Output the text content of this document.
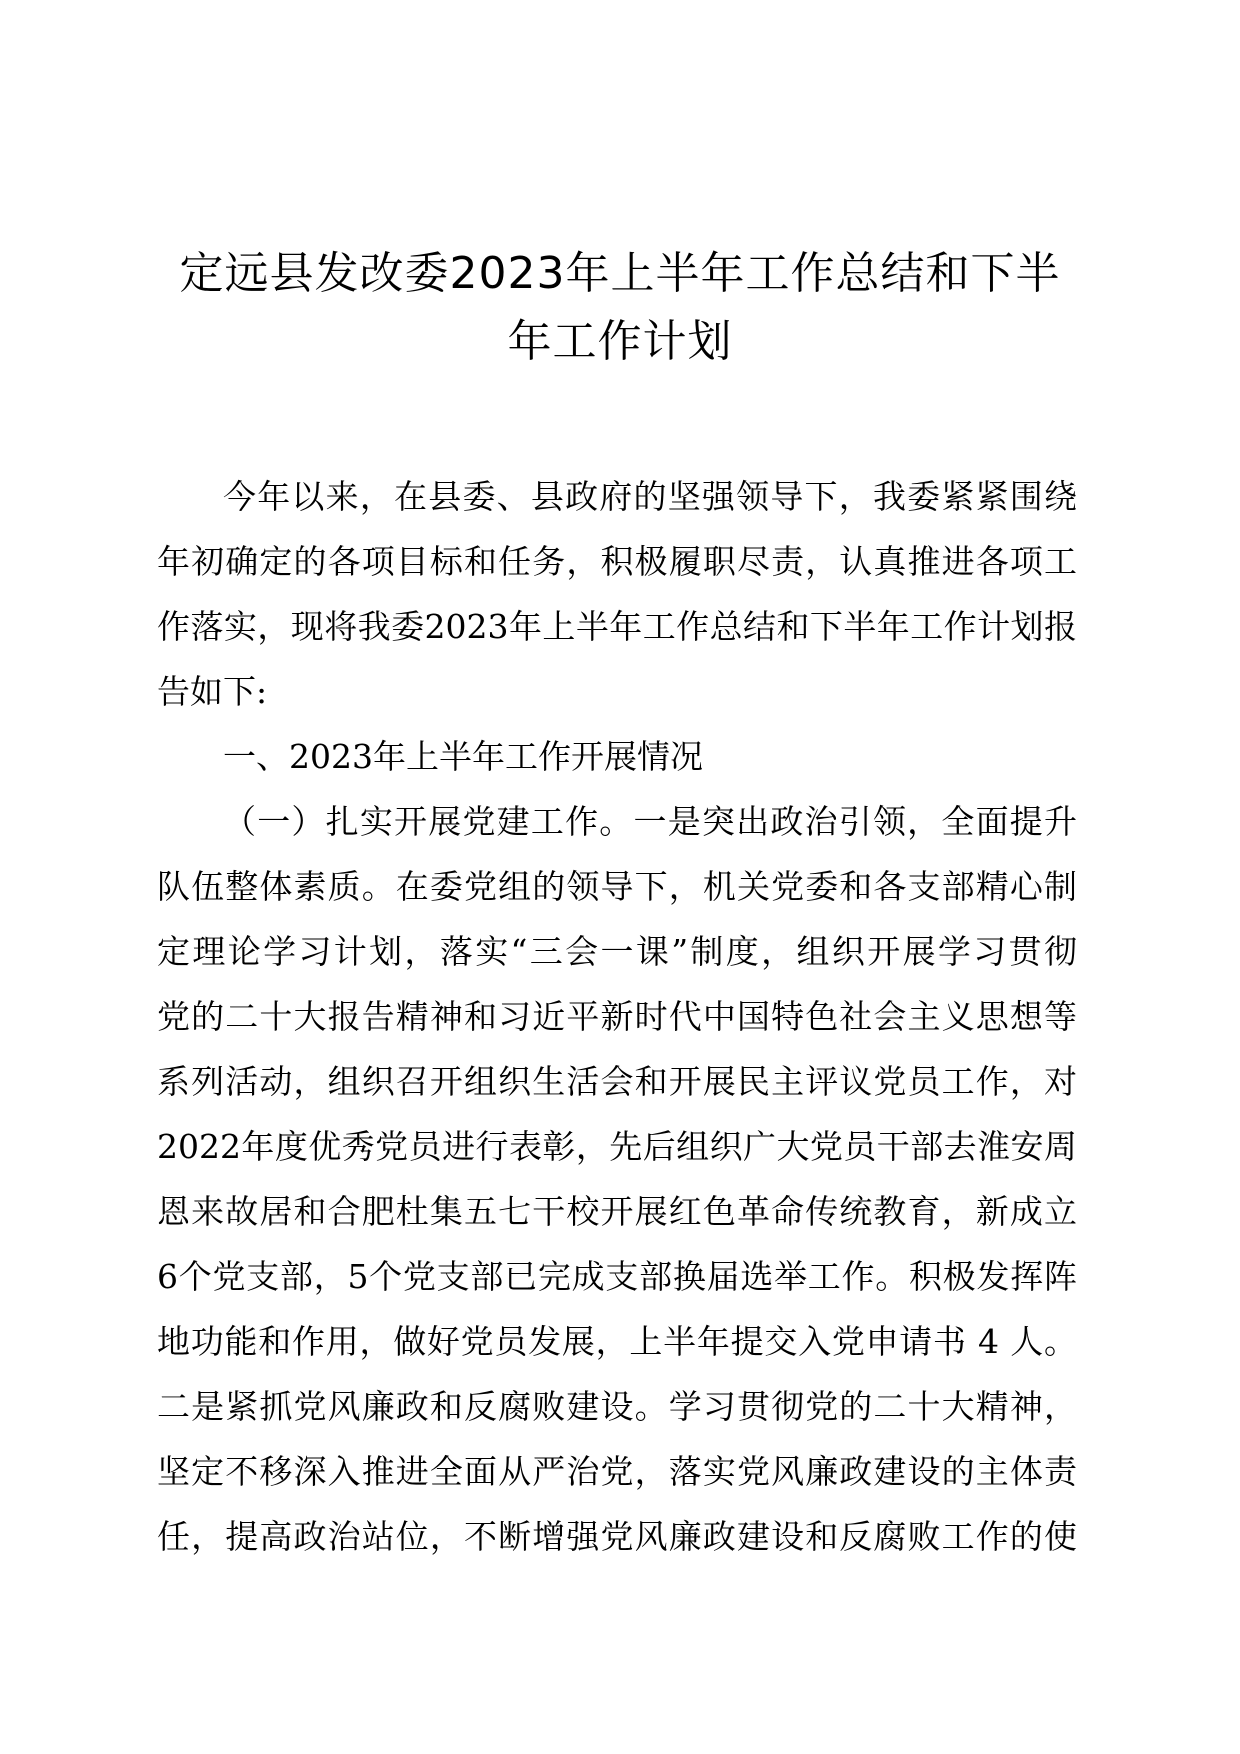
定远县发改委2023年上半年工作总结和下半
年工作计划
今年以来，在县委、县政府的坚强领导下，我委紧紧围绕
年初确定的各项目标和任务，积极履职尽责，认真推进各项工
作落实，现将我委2023年上半年工作总结和下半年工作计划报
告如下:
一、2023年上半年工作开展情况
（一）扎实开展党建工作。一是突出政治引领，全面提升
队伍整体素质。在委党组的领导下，机关党委和各支部精心制
定理论学习计划，落实“三会一课”制度，组织开展学习贯彻
党的二十大报告精神和习近平新时代中国特色社会主义思想等
系列活动，组织召开组织生活会和开展民主评议党员工作，对
2022年度优秀党员进行表彰，先后组织广大党员干部去淮安周
恩来故居和合肥杜集五七干校开展红色革命传统教育，新成立
6个党支部，5个党支部已完成支部换届选举工作。积极发挥阵
地功能和作用，做好党员发展，上半年提交入党申请书 4 人。
二是紧抓党风廉政和反腐败建设。学习贯彻党的二十大精神，
坚定不移深入推进全面从严治党，落实党风廉政建设的主体责
任，提高政治站位，不断增强党风廉政建设和反腐败工作的使
